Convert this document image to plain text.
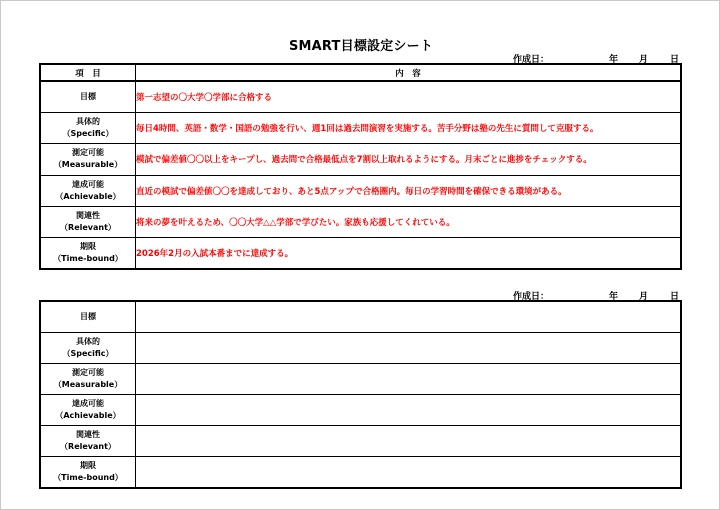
SMART目標設定シート
作成日：	年 月 日
項　目	内　容

目標	第一志望の〇大学〇学部に合格する

具体的
（Specific）	毎日4時間、英語・数学・国語の勉強を行い、週1回は過去問演習を実施する。苦手分野は塾の先生に質問して克服する。

測定可能
（Measurable）	模試で偏差値〇〇以上をキープし、過去問で合格最低点を7割以上取れるようにする。月末ごとに進捗をチェックする。

達成可能
（Achievable）	直近の模試で偏差値〇〇を達成しており、あと5点アップで合格圏内。毎日の学習時間を確保できる環境がある。

関連性
（Relevant）	将来の夢を叶えるため、〇〇大学△△学部で学びたい。家族も応援してくれている。

期限
（Time-bound）	2026年2月の入試本番までに達成する。
作成日：	年 月 日
目標	

具体的
（Specific）	

測定可能
（Measurable）	

達成可能
（Achievable）	

関連性
（Relevant）	

期限
（Time-bound）	
